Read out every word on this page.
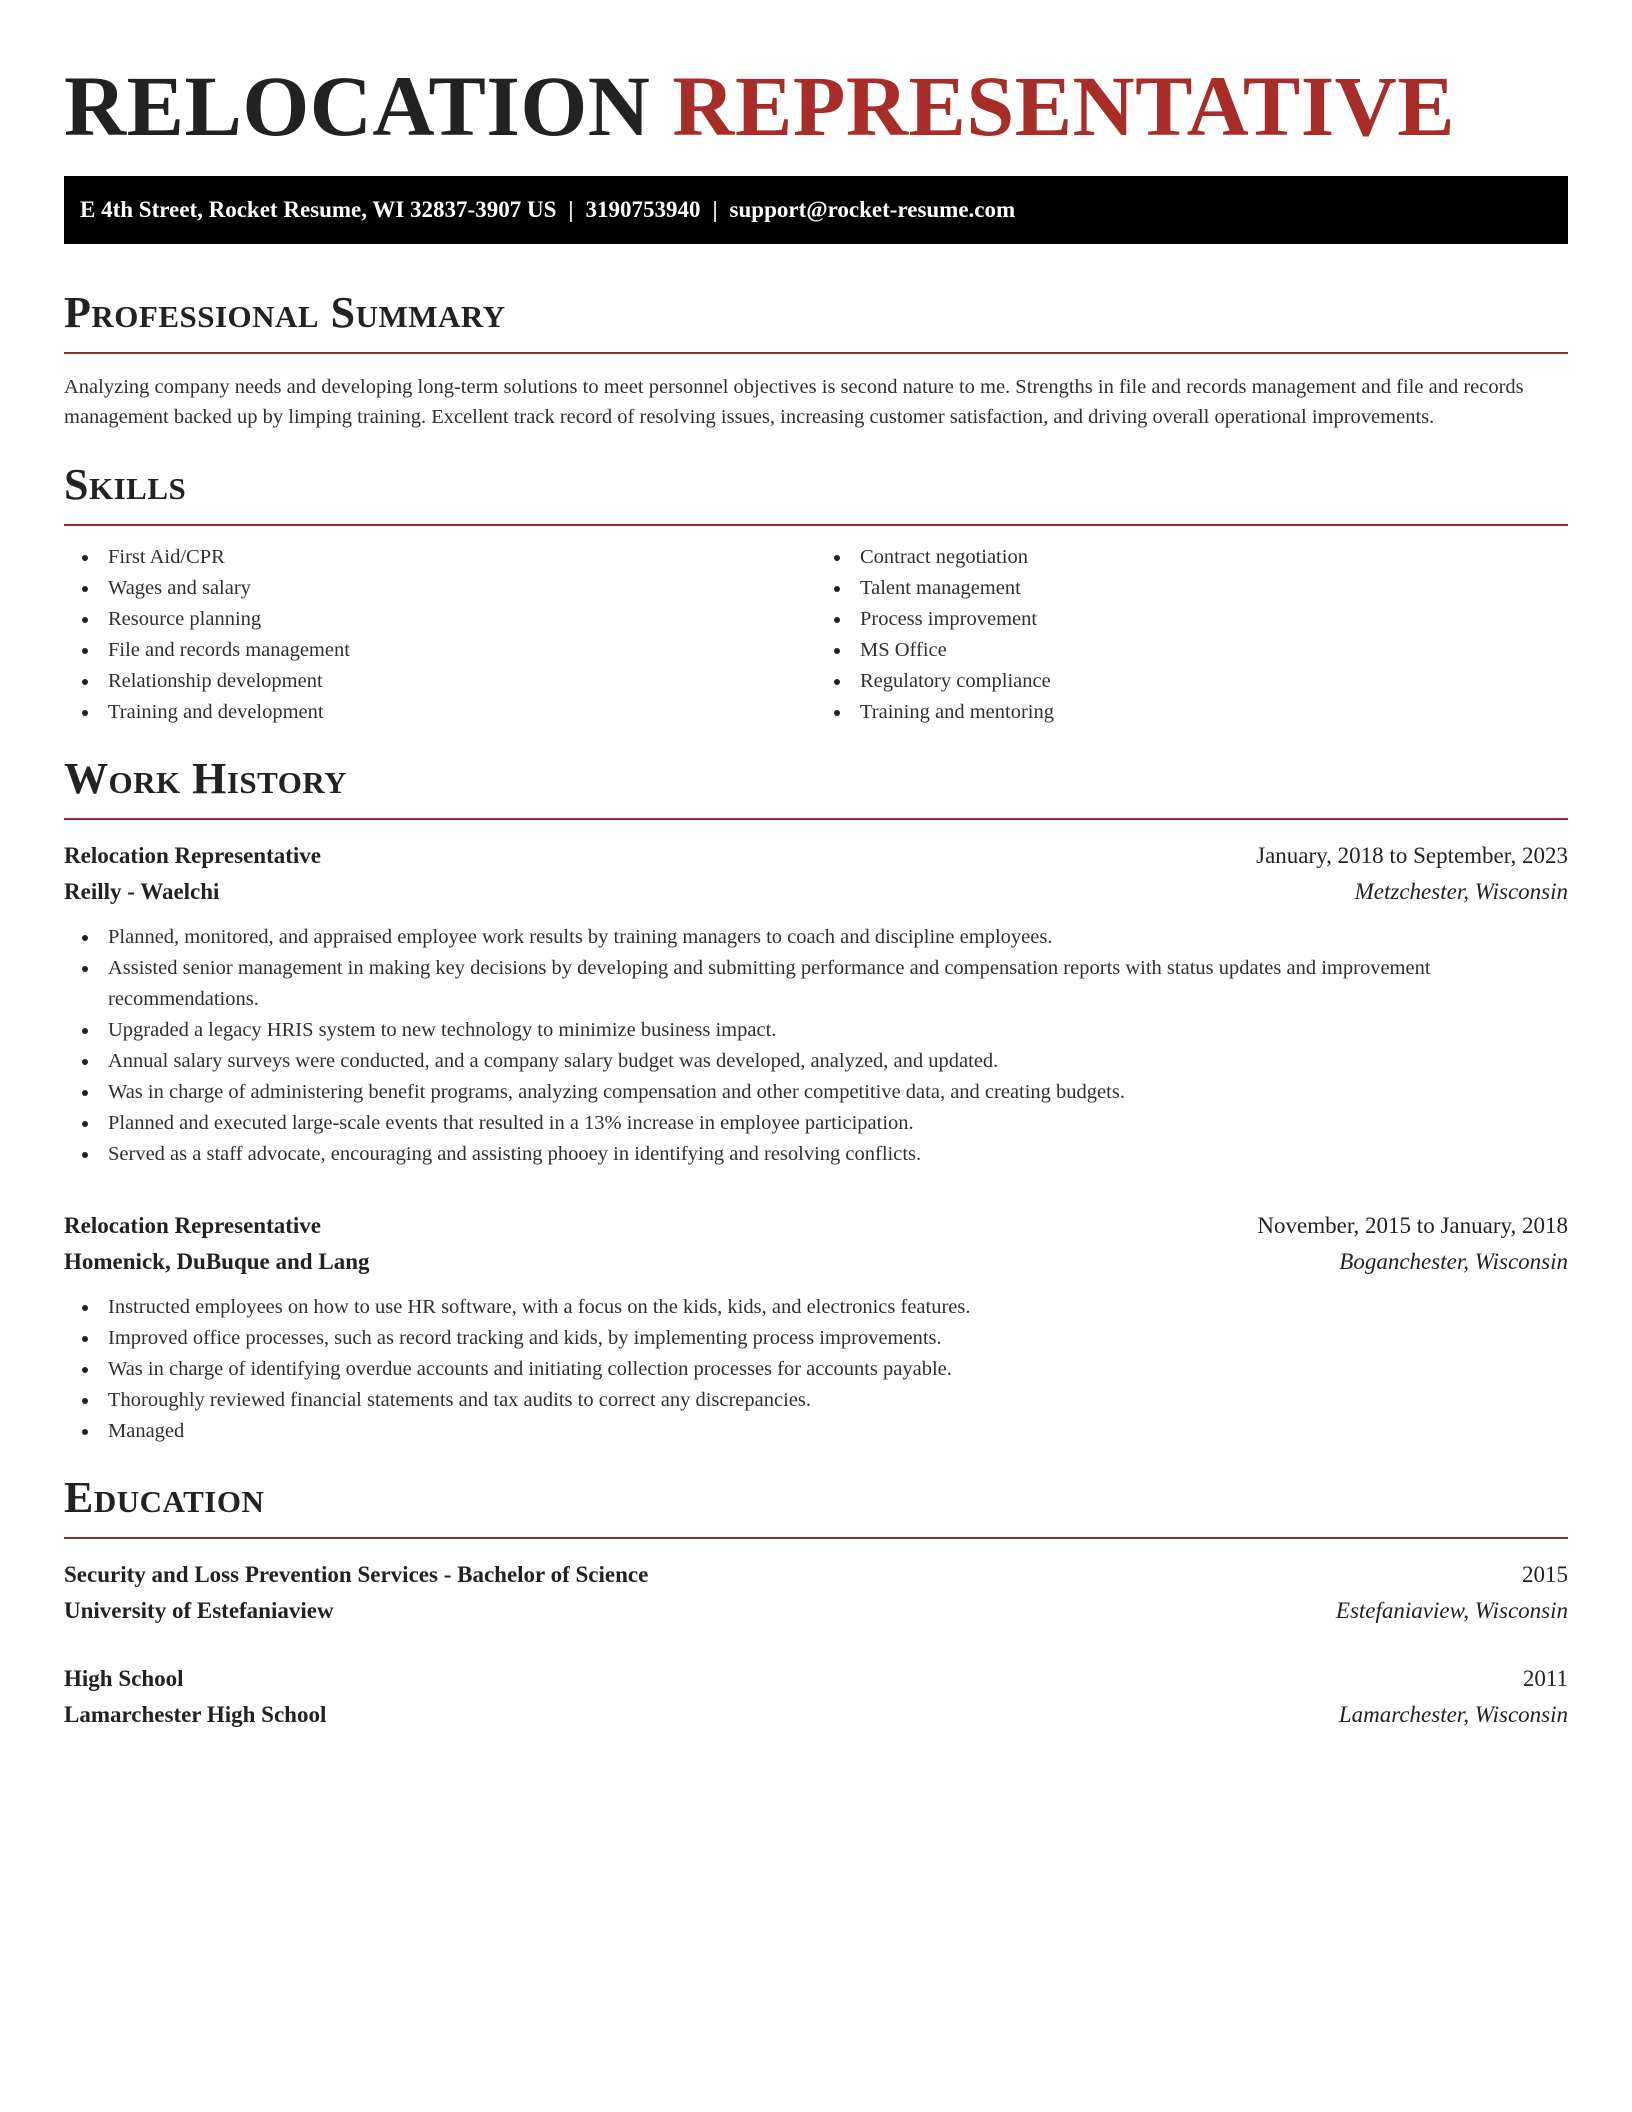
RELOCATION REPRESENTATIVE
E 4th Street, Rocket Resume, WI 32837-3907 US | 3190753940 | support@rocket-resume.com
Professional Summary

Analyzing company needs and developing long-term solutions to meet personnel objectives is second nature to me. Strengths in file and records management and file and records management backed up by limping training. Excellent track record of resolving issues, increasing customer satisfaction, and driving overall operational improvements.

Skills
First Aid/CPR
Wages and salary
Resource planning
File and records management
Relationship development
Training and development
Contract negotiation
Talent management
Process improvement
MS Office
Regulatory compliance
Training and mentoring
Work History
Relocation Representative	January, 2018 to September, 2023
Reilly - Waelchi	Metzchester, Wisconsin
Planned, monitored, and appraised employee work results by training managers to coach and discipline employees.
Assisted senior management in making key decisions by developing and submitting performance and compensation reports with status updates and improvement recommendations.
Upgraded a legacy HRIS system to new technology to minimize business impact.
Annual salary surveys were conducted, and a company salary budget was developed, analyzed, and updated.
Was in charge of administering benefit programs, analyzing compensation and other competitive data, and creating budgets.
Planned and executed large-scale events that resulted in a 13% increase in employee participation.
Served as a staff advocate, encouraging and assisting phooey in identifying and resolving conflicts.
Relocation Representative	November, 2015 to January, 2018
Homenick, DuBuque and Lang	Boganchester, Wisconsin
Instructed employees on how to use HR software, with a focus on the kids, kids, and electronics features.
Improved office processes, such as record tracking and kids, by implementing process improvements.
Was in charge of identifying overdue accounts and initiating collection processes for accounts payable.
Thoroughly reviewed financial statements and tax audits to correct any discrepancies.
Managed
Education
Security and Loss Prevention Services - Bachelor of Science	2015
University of Estefaniaview	Estefaniaview, Wisconsin
High School	2011
Lamarchester High School	Lamarchester, Wisconsin
